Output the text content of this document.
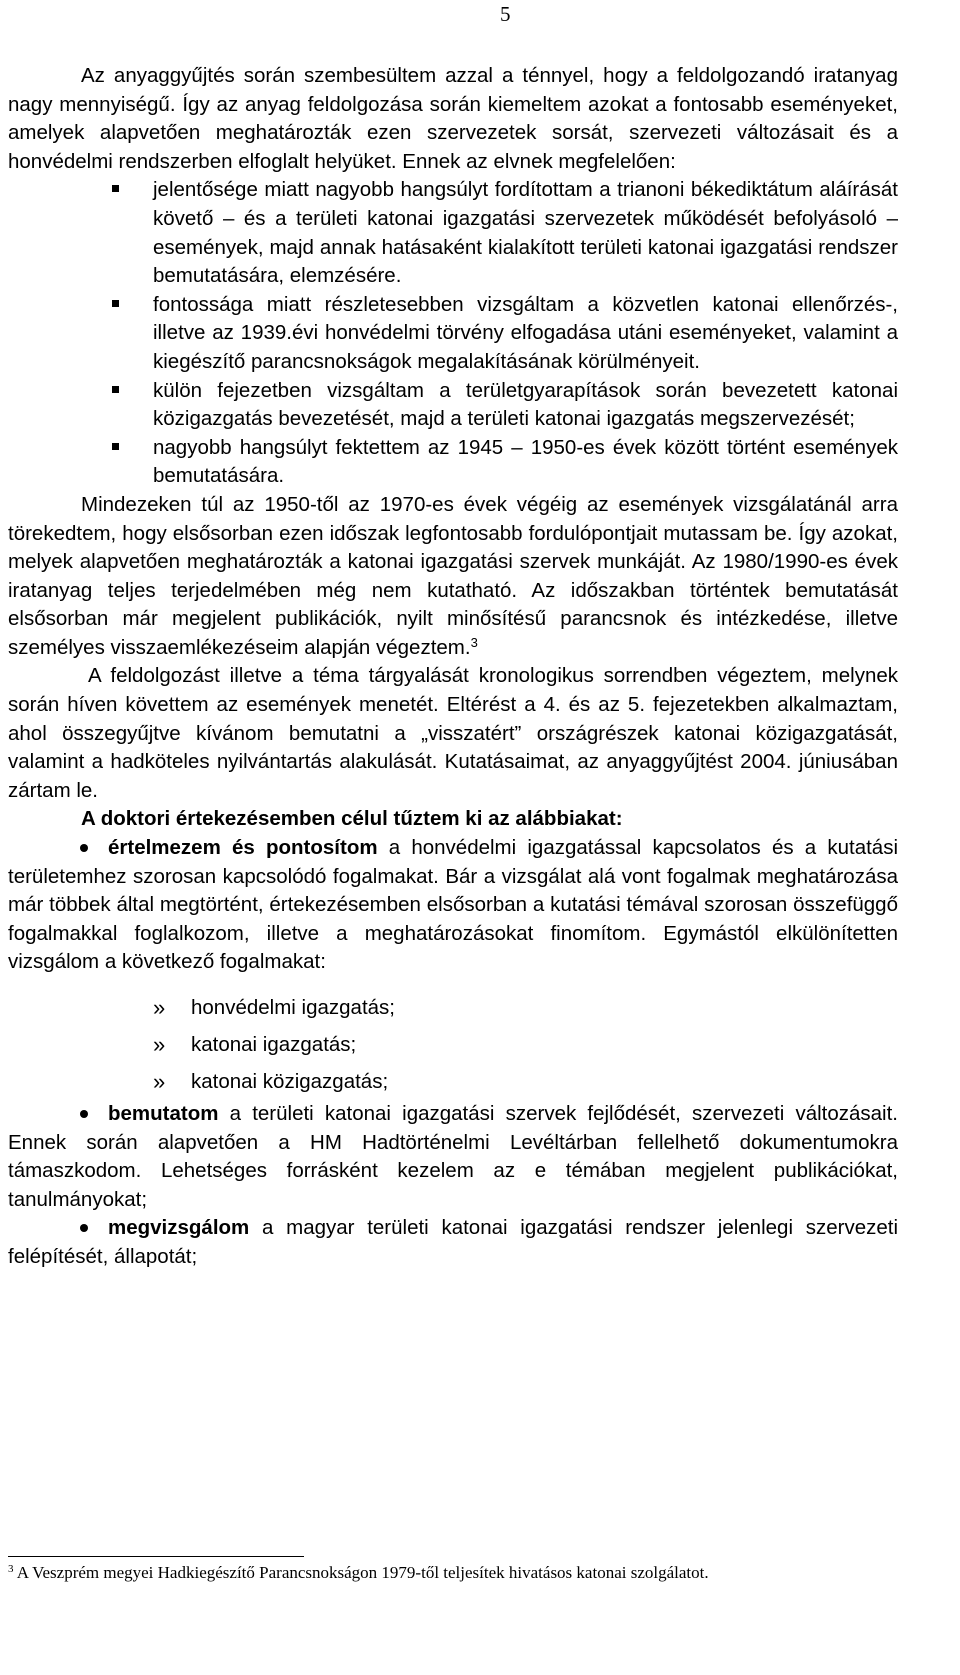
5

Az anyaggyűjtés során szembesültem azzal a ténnyel, hogy a feldolgozandó iratanyag nagy mennyiségű. Így az anyag feldolgozása során kiemeltem azokat a fontosabb eseményeket, amelyek alapvetően meghatározták ezen szervezetek sorsát, szervezeti változásait és a honvédelmi rendszerben elfoglalt helyüket. Ennek az elvnek megfelelően:

jelentősége miatt nagyobb hangsúlyt fordítottam a trianoni békediktátum aláírását követő – és a területi katonai igazgatási szervezetek működését befolyásoló – események, majd annak hatásaként kialakított területi katonai igazgatási rendszer bemutatására, elemzésére.
fontossága miatt részletesebben vizsgáltam a közvetlen katonai ellenőrzés-, illetve az 1939.évi honvédelmi törvény elfogadása utáni eseményeket, valamint a kiegészítő parancsnokságok megalakításának körülményeit.
külön fejezetben vizsgáltam a területgyarapítások során bevezetett katonai közigazgatás bevezetését, majd a területi katonai igazgatás megszervezését;
nagyobb hangsúlyt fektettem az 1945 – 1950-es évek között történt események bemutatására.

Mindezeken túl az 1950-től az 1970-es évek végéig az események vizsgálatánál arra törekedtem, hogy elsősorban ezen időszak legfontosabb fordulópontjait mutassam be. Így azokat, melyek alapvetően meghatározták a katonai igazgatási szervek munkáját. Az 1980/1990-es évek iratanyag teljes terjedelmében még nem kutatható. Az időszakban történtek bemutatását elsősorban már megjelent publikációk, nyilt minősítésű parancsnok és intézkedése, illetve személyes visszaemlékezéseim alapján végeztem.$^3$

A feldolgozást illetve a téma tárgyalását kronologikus sorrendben végeztem, melynek során híven követtem az események menetét. Eltérést a 4. és az 5. fejezetekben alkalmaztam, ahol összegyűjtve kívánom bemutatni a „visszatért” országrészek katonai közigazgatását, valamint a hadköteles nyilvántartás alakulását. Kutatásaimat, az anyaggyűjtést 2004. júniusában zártam le.

A doktori értekezésemben célul tűztem ki az alábbiakat:

értelmezem és pontosítom a honvédelmi igazgatással kapcsolatos és a kutatási területemhez szorosan kapcsolódó fogalmakat. Bár a vizsgálat alá vont fogalmak meghatározása már többek által megtörtént, értekezésemben elsősorban a kutatási témával szorosan összefüggő fogalmakkal foglalkozom, illetve a meghatározásokat finomítom. Egymástól elkülönítetten vizsgálom a következő fogalmakat:

» honvédelmi igazgatás;
» katonai igazgatás;
» katonai közigazgatás;

bemutatom a területi katonai igazgatási szervek fejlődését, szervezeti változásait. Ennek során alapvetően a HM Hadtörténelmi Levéltárban fellelhető dokumentumokra támaszkodom. Lehetséges forrásként kezelem az e témában megjelent publikációkat, tanulmányokat;

megvizsgálom a magyar területi katonai igazgatási rendszer jelenlegi szervezeti felépítését, állapotát;

$^3$ A Veszprém megyei Hadkiegészítő Parancsnokságon 1979-től teljesítek hivatásos katonai szolgálatot.
